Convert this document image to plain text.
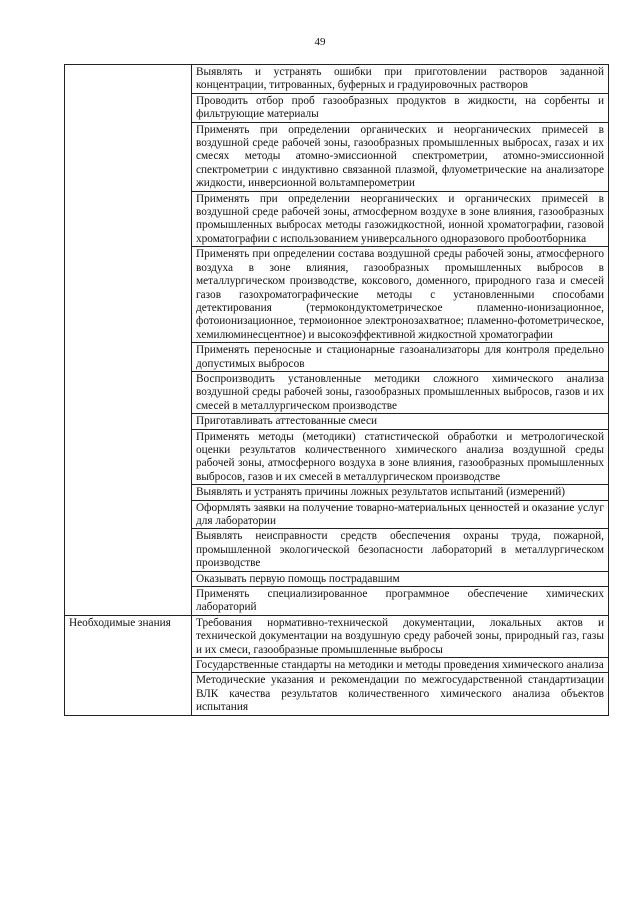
49
	Выявлять и устранять ошибки при приготовлении растворов заданной концентрации, титрованных, буферных и градуировочных растворов
	Проводить отбор проб газообразных продуктов в жидкости, на сорбенты и фильтрующие материалы
	Применять при определении органических и неорганических примесей в воздушной среде рабочей зоны, газообразных промышленных выбросах, газах и их смесях методы атомно-эмиссионной спектрометрии, атомно-эмиссионной спектрометрии с индуктивно связанной плазмой, флуометрические на анализаторе жидкости, инверсионной вольтамперометрии
	Применять при определении неорганических и органических примесей в воздушной среде рабочей зоны, атмосферном воздухе в зоне влияния, газообразных промышленных выбросах методы газожидкостной, ионной хроматографии, газовой хроматографии с использованием универсального одноразового пробоотборника
	Применять при определении состава воздушной среды рабочей зоны, атмосферного воздуха в зоне влияния, газообразных промышленных выбросов в металлургическом производстве, коксового, доменного, природного газа и смесей газов газохроматографические методы с установленными способами детектирования (термокондуктометрическое пламенно-ионизационное, фотоионизационное, термоионное электронозахватное; пламенно-фотометрическое, хемилюминесцентное) и высокоэффективной жидкостной хроматографии
	Применять переносные и стационарные газоанализаторы для контроля предельно допустимых выбросов
	Воспроизводить установленные методики сложного химического анализа воздушной среды рабочей зоны, газообразных промышленных выбросов, газов и их смесей в металлургическом производстве
	Приготавливать аттестованные смеси
	Применять методы (методики) статистической обработки и метрологической оценки результатов количественного химического анализа воздушной среды рабочей зоны, атмосферного воздуха в зоне влияния, газообразных промышленных выбросов, газов и их смесей в металлургическом производстве
	Выявлять и устранять причины ложных результатов испытаний (измерений)
	Оформлять заявки на получение товарно-материальных ценностей и оказание услуг для лаборатории
	Выявлять неисправности средств обеспечения охраны труда, пожарной, промышленной экологической безопасности лабораторий в металлургическом производстве
	Оказывать первую помощь пострадавшим
	Применять специализированное программное обеспечение химических лабораторий
Необходимые знания	Требования нормативно-технической документации, локальных актов и технической документации на воздушную среду рабочей зоны, природный газ, газы и их смеси, газообразные промышленные выбросы
	Государственные стандарты на методики и методы проведения химического анализа
	Методические указания и рекомендации по межгосударственной стандартизации ВЛК качества результатов количественного химического анализа объектов испытания
